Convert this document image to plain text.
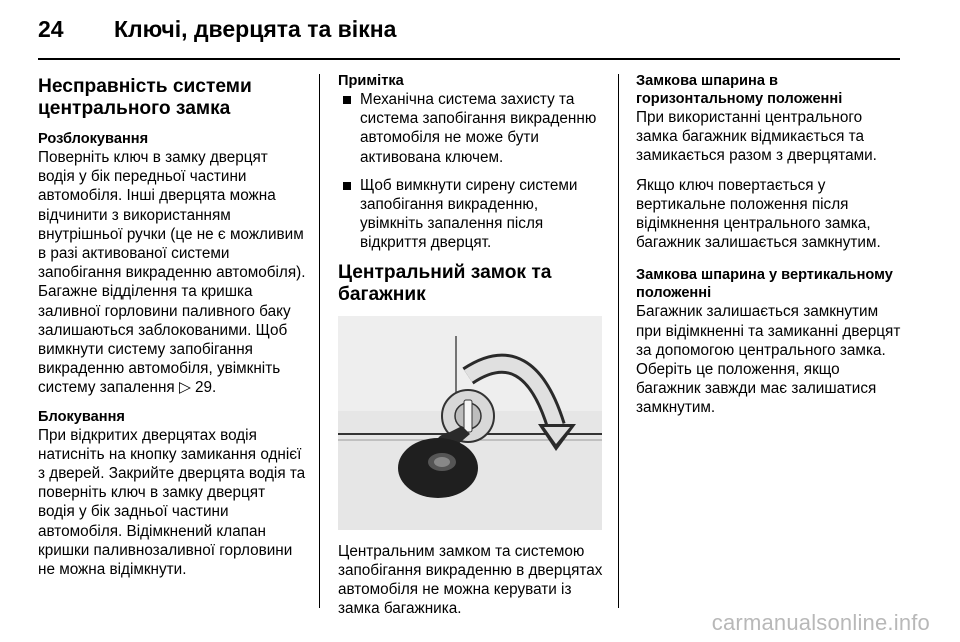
24 Ключі, дверцята та вікна
Несправність системи центрального замка
Розблокування
Поверніть ключ в замку дверцят водія у бік передньої частини автомобіля. Інші дверцята можна відчинити з використанням внутрішньої ручки (це не є можливим в разі активованої системи запобігання викраденню автомобіля). Багажне відділення та кришка заливної горловини паливного баку залишаються заблокованими. Щоб вимкнути систему запобігання викраденню автомобіля, увімкніть систему запалення ▷ 29.
Блокування
При відкритих дверцятах водія натисніть на кнопку замикання однієї з дверей. Закрийте дверцята водія та поверніть ключ в замку дверцят водія у бік задньої частини автомобіля. Відімкнений клапан кришки паливнозаливної горловини не можна відімкнути.
Примітка
Механічна система захисту та система запобігання викраденню автомобіля не може бути активована ключем.
Щоб вимкнути сирену системи запобігання викраденню, увімкніть запалення після відкриття дверцят.
Центральний замок та багажник
Центральним замком та системою запобігання викраденню в дверцятах автомобіля не можна керувати із замка багажника.
Замкова шпарина в горизонтальному положенні
При використанні центрального замка багажник відмикається та замикається разом з дверцятами.
Якщо ключ повертається у вертикальне положення після відімкнення центрального замка, багажник залишається замкнутим.
Замкова шпарина у вертикальному положенні
Багажник залишається замкнутим при відімкненні та замиканні дверцят за допомогою центрального замка. Оберіть це положення, якщо багажник завжди має залишатися замкнутим.
carmanualsonline.info
